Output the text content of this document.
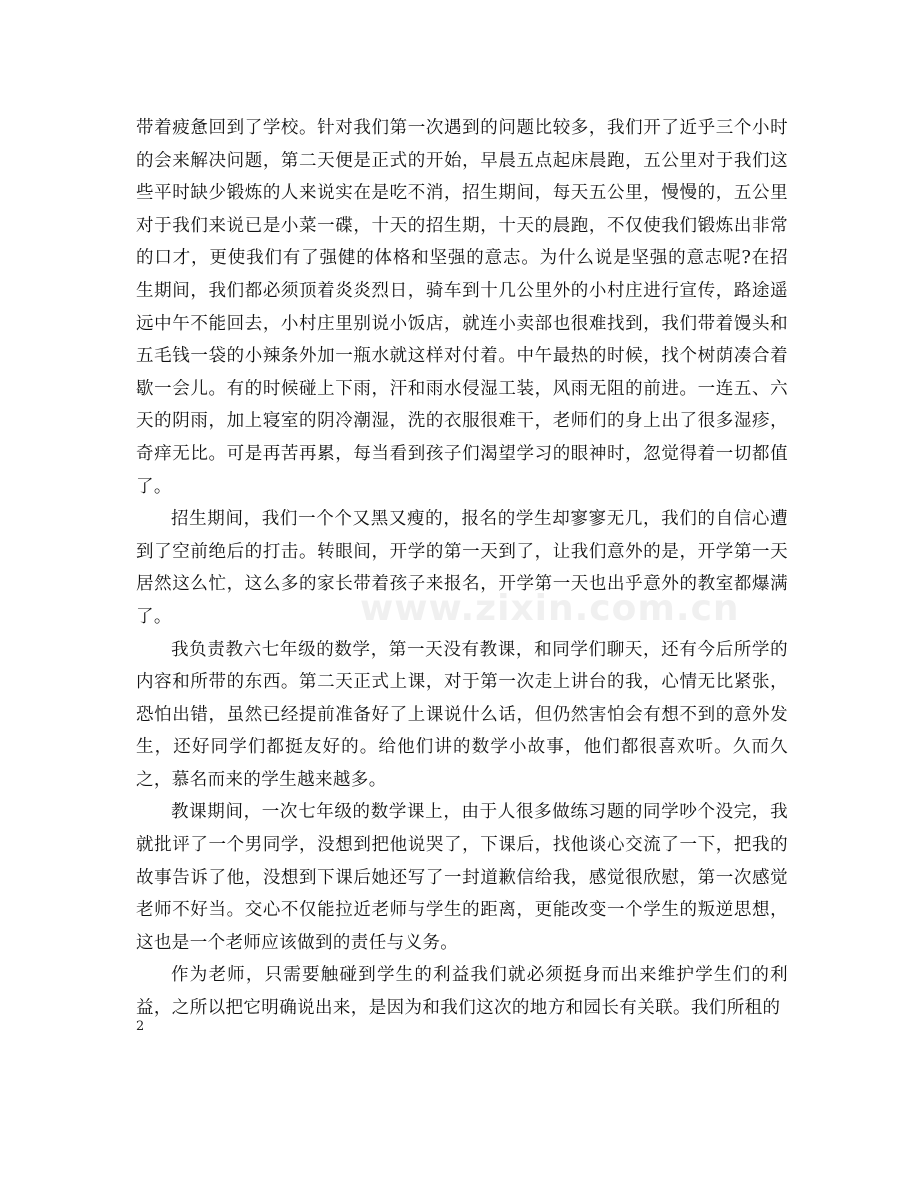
带着疲惫回到了学校。针对我们第一次遇到的问题比较多，我们开了近乎三个小时的会来解决问题，第二天便是正式的开始，早晨五点起床晨跑，五公里对于我们这些平时缺少锻炼的人来说实在是吃不消，招生期间，每天五公里，慢慢的，五公里对于我们来说已是小菜一碟，十天的招生期，十天的晨跑，不仅使我们锻炼出非常的口才，更使我们有了强健的体格和坚强的意志。为什么说是坚强的意志呢?在招生期间，我们都必须顶着炎炎烈日，骑车到十几公里外的小村庄进行宣传，路途遥远中午不能回去，小村庄里别说小饭店，就连小卖部也很难找到，我们带着馒头和五毛钱一袋的小辣条外加一瓶水就这样对付着。中午最热的时候，找个树荫凑合着歇一会儿。有的时候碰上下雨，汗和雨水侵湿工装，风雨无阻的前进。一连五、六天的阴雨，加上寝室的阴冷潮湿，洗的衣服很难干，老师们的身上出了很多湿疹，奇痒无比。可是再苦再累，每当看到孩子们渴望学习的眼神时，忽觉得着一切都值了。

招生期间，我们一个个又黑又瘦的，报名的学生却寥寥无几，我们的自信心遭到了空前绝后的打击。转眼间，开学的第一天到了，让我们意外的是，开学第一天居然这么忙，这么多的家长带着孩子来报名，开学第一天也出乎意外的教室都爆满了。

我负责教六七年级的数学，第一天没有教课，和同学们聊天，还有今后所学的内容和所带的东西。第二天正式上课，对于第一次走上讲台的我，心情无比紧张，恐怕出错，虽然已经提前准备好了上课说什么话，但仍然害怕会有想不到的意外发生，还好同学们都挺友好的。给他们讲的数学小故事，他们都很喜欢听。久而久之，慕名而来的学生越来越多。

教课期间，一次七年级的数学课上，由于人很多做练习题的同学吵个没完，我就批评了一个男同学，没想到把他说哭了，下课后，找他谈心交流了一下，把我的故事告诉了他，没想到下课后她还写了一封道歉信给我，感觉很欣慰，第一次感觉老师不好当。交心不仅能拉近老师与学生的距离，更能改变一个学生的叛逆思想，这也是一个老师应该做到的责任与义务。

作为老师，只需要触碰到学生的利益我们就必须挺身而出来维护学生们的利益，之所以把它明确说出来，是因为和我们这次的地方和园长有关联。我们所租的

www.zixin.com.cn
2
